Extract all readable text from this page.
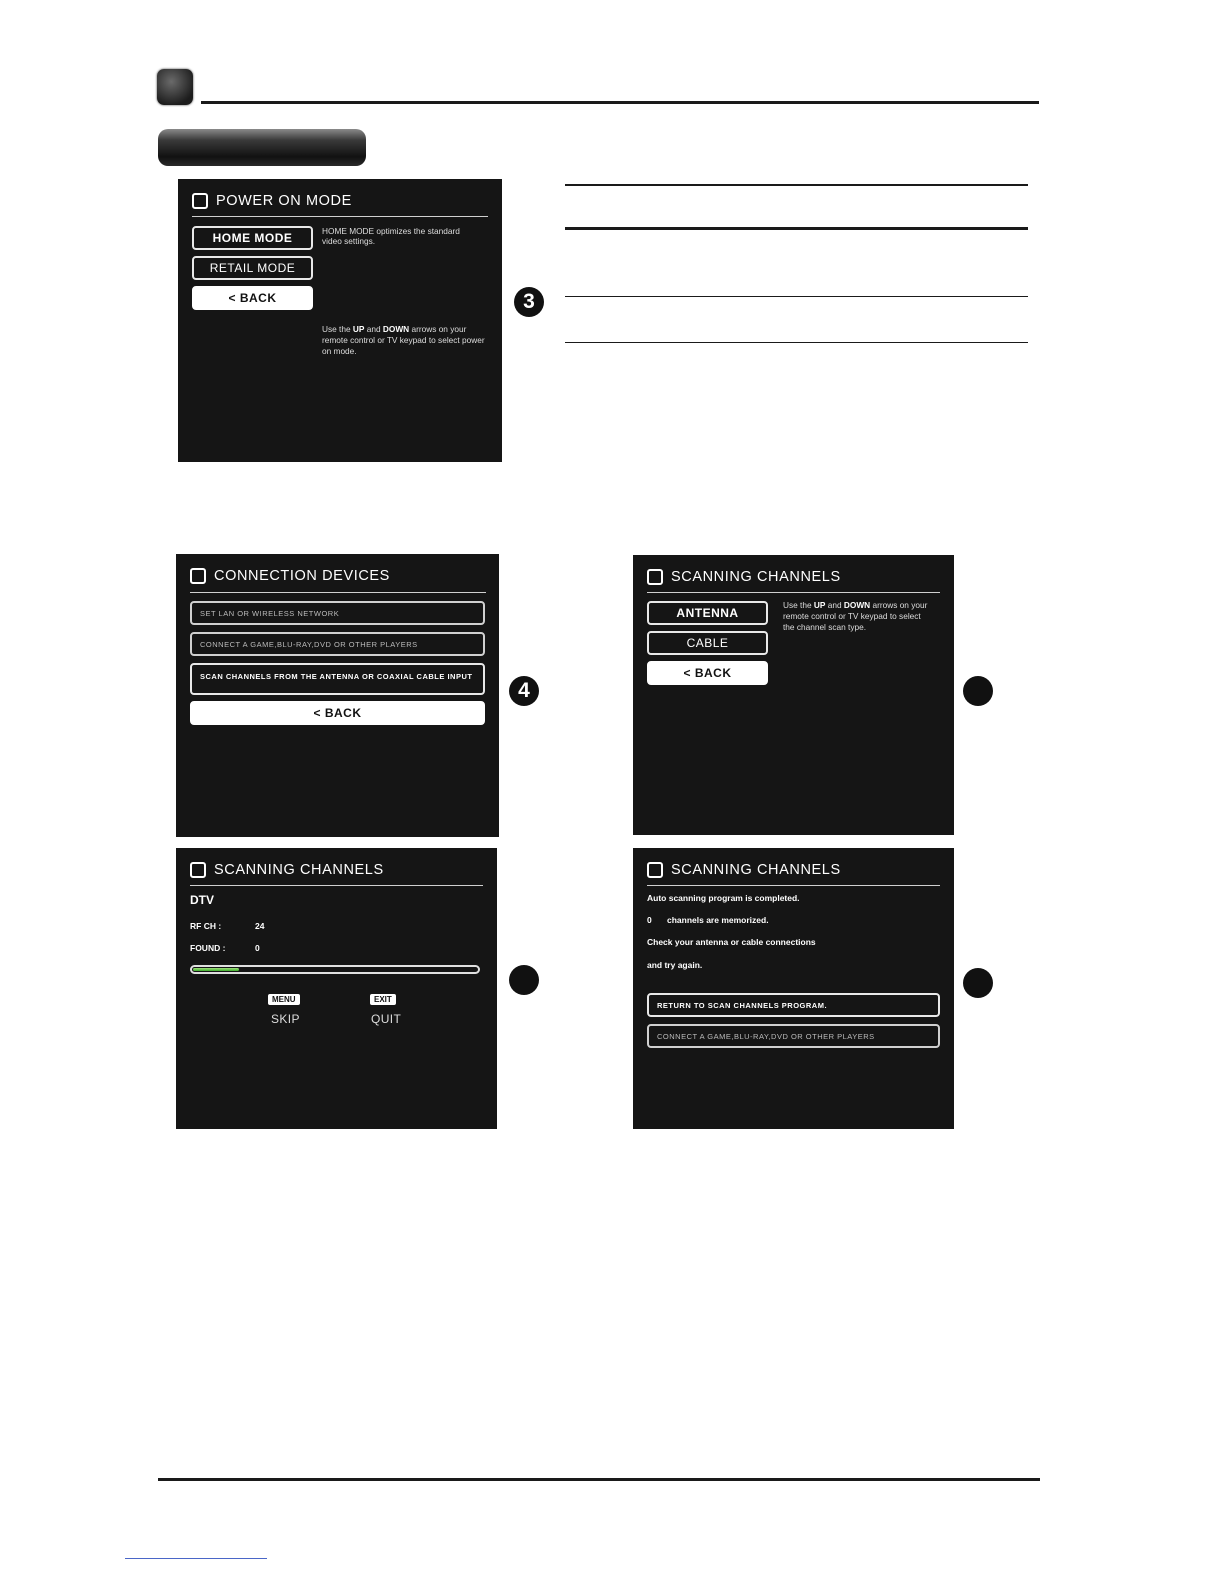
3
4
POWER ON MODE
HOME MODE
RETAIL MODE
< BACK
HOME MODE optimizes the standard
video settings.
Use the UP and DOWN arrows on your remote control or TV keypad to select power on mode.
CONNECTION DEVICES
SET LAN OR WIRELESS NETWORK
CONNECT A GAME,BLU-RAY,DVD OR OTHER PLAYERS
SCAN CHANNELS FROM THE ANTENNA OR COAXIAL CABLE INPUT
< BACK
SCANNING CHANNELS
ANTENNA
CABLE
< BACK
Use the UP and DOWN arrows on your remote control or TV keypad to select the channel scan type.
SCANNING CHANNELS
DTV
RF CH :	24
FOUND :	0
MENU
SKIP
EXIT
QUIT
SCANNING CHANNELS
Auto scanning program is completed.
0 channels are memorized.
Check your antenna or cable connections
and try again.
RETURN TO SCAN CHANNELS PROGRAM.
CONNECT A GAME,BLU-RAY,DVD OR OTHER PLAYERS
